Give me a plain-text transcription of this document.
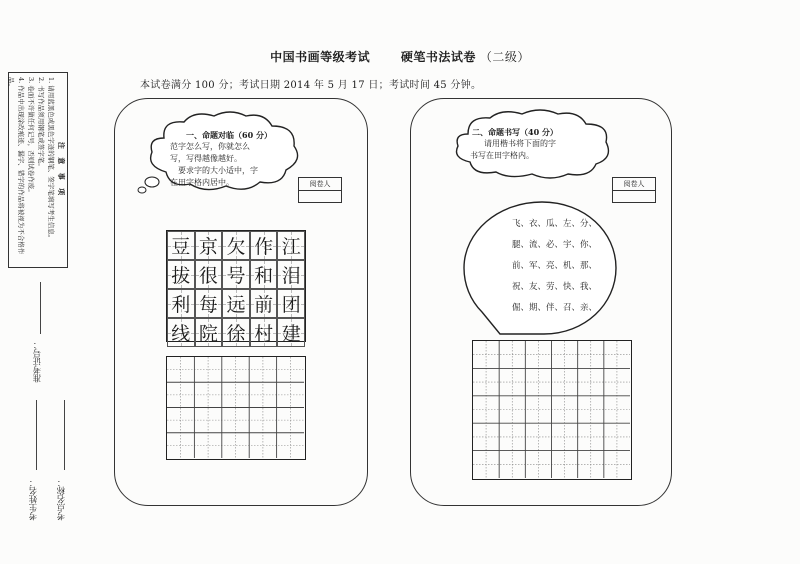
中国书画等级考试	硬笔书法试卷 （二级）
本试卷满分 100 分；考试日期 2014 年 5 月 17 日；考试时间 45 分钟。
注 意 事 项
1. 请用蓝黑色或黑色字迹的钢笔、签字笔填写考生信息。
2. 书写作品须用钢笔或签字笔。
3. 卷面不许做任何记号，否则试卷作废。
4. 作品中出现涂改痕迹、漏字、错字的作品将被视为不合格作品。
准考证号：
考生姓名： 考点名称：
一、命题对临（60 分）
范字怎么写，你就怎么
写，写得越像越好。
要求字的大小适中，字
在田字格内居中。	阅卷人
豆 京 欠 作 江
拔 很 号 和 泪
利 每 远 前 团
线 院 徐 村 建
二、命题书写（40 分）
请用楷书将下面的字
书写在田字格内。
阅卷人
飞、衣、瓜、左、分、
腿、流、必、宇、你、
前、军、亮、机、那、
祝、友、劳、快、我、
倔、期、伴、召、亲、
